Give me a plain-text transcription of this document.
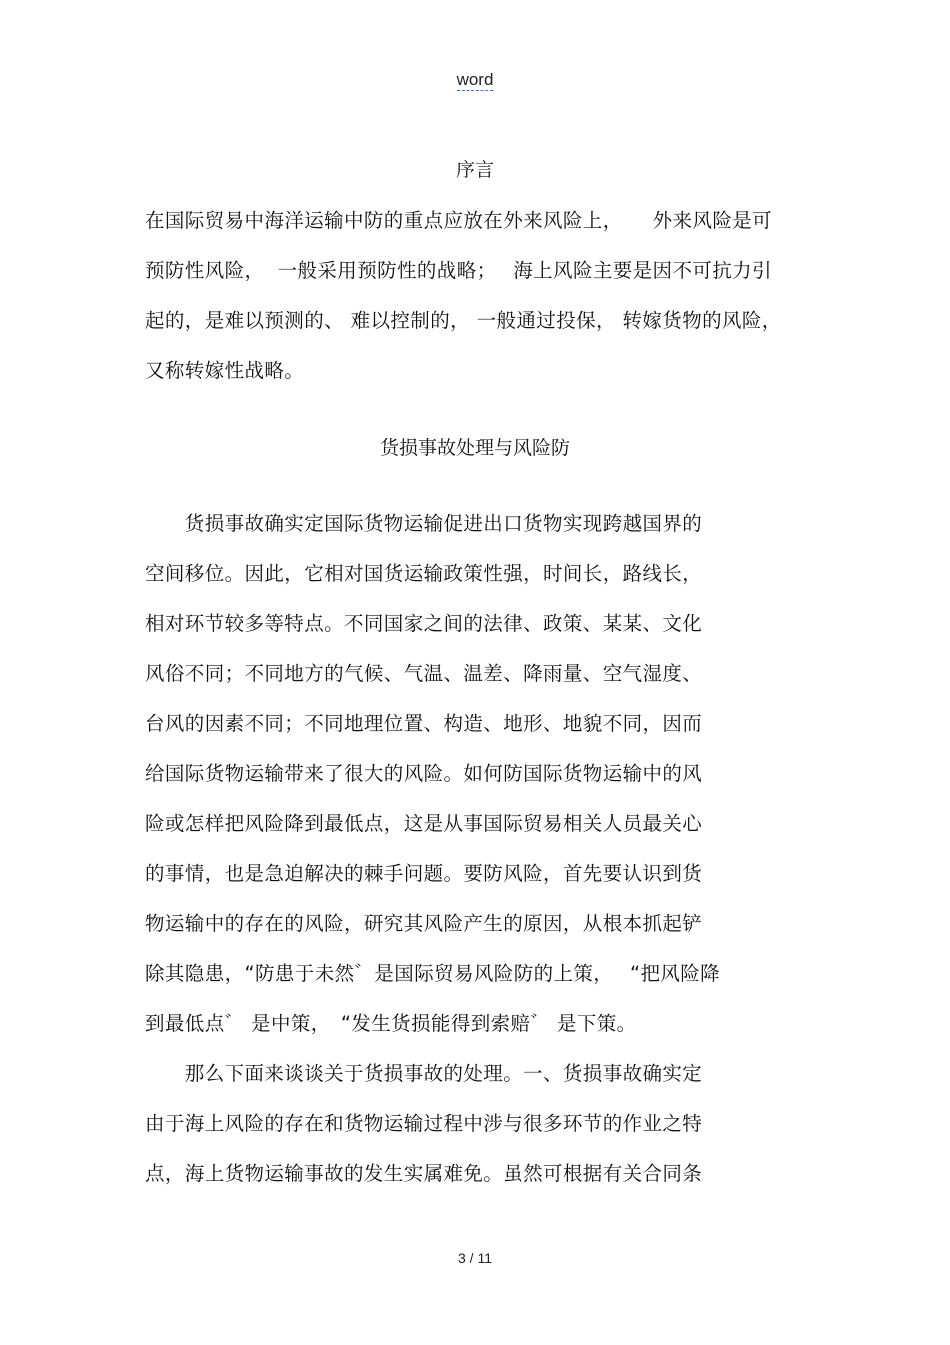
word
序言
在国际贸易中海洋运输中防的重点应放在外来风险上，　　外来风险是可
预防性风险，  一般采用预防性的战略；　 海上风险主要是因不可抗力引
起的，是难以预测的、 难以控制的， 一般通过投保， 转嫁货物的风险，
又称转嫁性战略。
货损事故处理与风险防
　　货损事故确实定国际货物运输促进出口货物实现跨越国界的
空间移位。因此，它相对国货运输政策性强，时间长，路线长，
相对环节较多等特点。不同国家之间的法律、政策、某某、文化
风俗不同；不同地方的气候、气温、温差、降雨量、空气湿度、
台风的因素不同；不同地理位置、构造、地形、地貌不同，因而
给国际货物运输带来了很大的风险。如何防国际货物运输中的风
险或怎样把风险降到最低点，这是从事国际贸易相关人员最关心
的事情，也是急迫解决的棘手问题。要防风险，首先要认识到货
物运输中的存在的风险，研究其风险产生的原因，从根本抓起铲
除其隐患，“防患于未然゛是国际贸易风险防的上策，　 “把风险降
到最低点゛ 是中策，　“发生货损能得到索赔゛ 是下策。
　　那么下面来谈谈关于货损事故的处理。一、货损事故确实定
由于海上风险的存在和货物运输过程中涉与很多环节的作业之特
点，海上货物运输事故的发生实属难免。虽然可根据有关合同条
3 / 11
